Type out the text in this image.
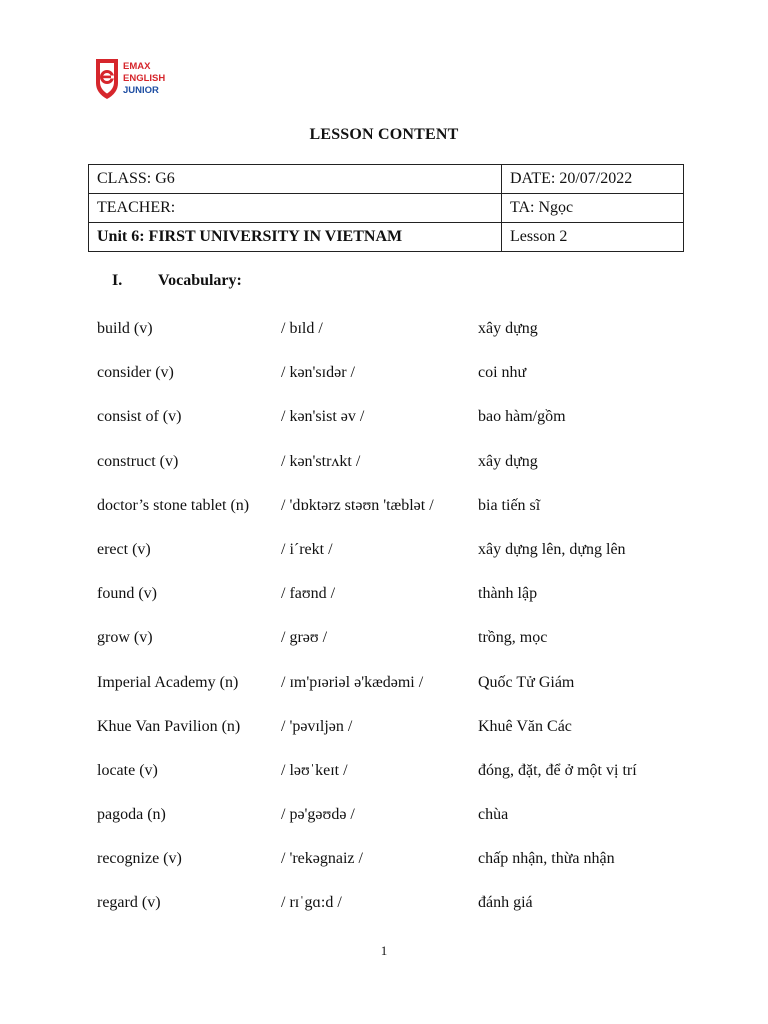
EMAX
ENGLISH
JUNIOR
LESSON CONTENT
CLASS: G6	DATE: 20/07/2022
TEACHER:	TA: Ngọc
Unit 6: FIRST UNIVERSITY IN VIETNAM	Lesson 2
I. Vocabulary:
build (v)	/ bɪld /	xây dựng
consider (v)	/ kən'sɪdər /	coi như
consist of (v)	/ kən'sist əv /	bao hàm/gồm
construct (v)	/ kən'strʌkt /	xây dựng
doctor’s stone tablet (n) / 'dɒktərz stəʊn 'tæblət /	bia tiến sĩ
erect (v)	/ i´rekt /	xây dựng lên, dựng lên
found (v)	/ faʊnd /	thành lập
grow (v)	/ grəʊ /	trồng, mọc
Imperial Academy (n)	/ ɪm'pɪəriəl ə'kædəmi /	Quốc Tử Giám
Khue Van Pavilion (n)	/ 'pəvɪljən /	Khuê Văn Các
locate (v)	/ ləʊˈkeɪt /	đóng, đặt, để ở một vị trí
pagoda (n)	/ pə'gəʊdə /	chùa
recognize (v)	/ 'rekəgnaiz /	chấp nhận, thừa nhận
regard (v)	/ rɪˈgɑ:d /	đánh giá
1
